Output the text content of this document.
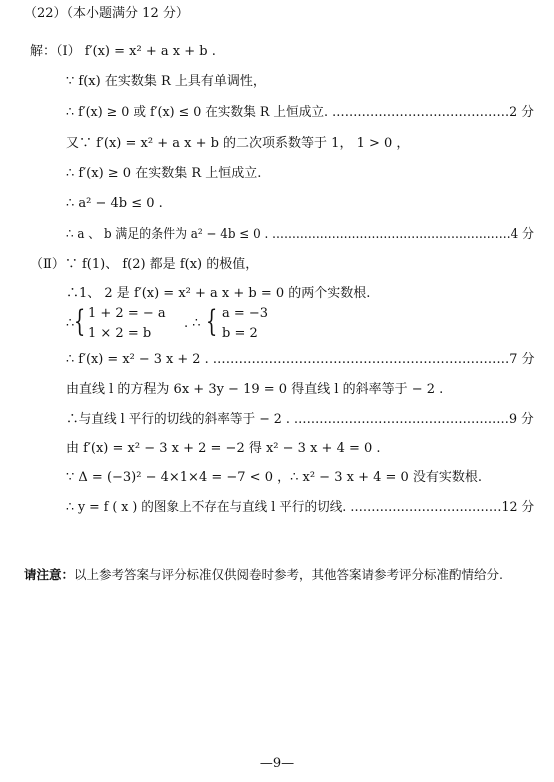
（22）（本小题满分 12 分）
解：（Ⅰ） f′(x) = x² + a x + b .
∵ f(x) 在实数集 R 上具有单调性，
∴ f′(x) ≥ 0 或 f′(x) ≤ 0 在实数集 R 上恒成立. ……………………………………2 分
又∵ f′(x) = x² + a x + b 的二次项系数等于 1， 1 > 0 ，
∴ f′(x) ≥ 0 在实数集 R 上恒成立.
∴ a² − 4b ≤ 0 .
∴ a 、 b 满足的条件为 a² − 4b ≤ 0 . ……………………………………………………4 分
（Ⅱ）∵ f(1)、 f(2) 都是 f(x) 的极值，
∴1、 2 是 f′(x) = x² + a x + b = 0 的两个实数根.
∴ { 1 + 2 = − a
1 × 2 = b
. ∴ { a = −3
b = 2
∴ f′(x) = x² − 3 x + 2 . ……………………………………………………………7 分
由直线 l 的方程为 6x + 3y − 19 = 0 得直线 l 的斜率等于 − 2 .
∴与直线 l 平行的切线的斜率等于 − 2 . ……………………………………………9 分
由 f′(x) = x² − 3 x + 2 = −2 得 x² − 3 x + 4 = 0 .
∵ Δ = (−3)² − 4×1×4 = −7 < 0 ，∴ x² − 3 x + 4 = 0 没有实数根.
∴ y = f ( x ) 的图象上不存在与直线 l 平行的切线. ………………………………12 分
请注意：以上参考答案与评分标准仅供阅卷时参考，其他答案请参考评分标准酌情给分.
—9—
